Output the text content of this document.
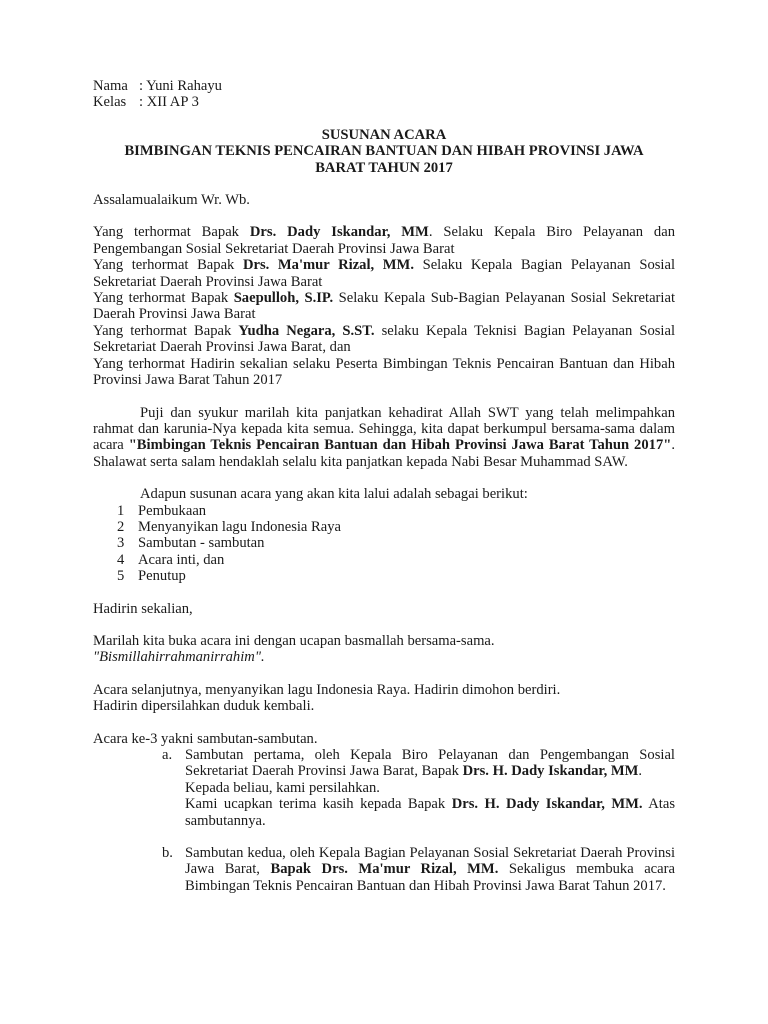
Nama : Yuni Rahayu
Kelas : XII AP 3
SUSUNAN ACARA
BIMBINGAN TEKNIS PENCAIRAN BANTUAN DAN HIBAH PROVINSI JAWA
BARAT TAHUN 2017

Assalamualaikum Wr. Wb.

Yang terhormat Bapak Drs. Dady Iskandar, MM. Selaku Kepala Biro Pelayanan dan Pengembangan Sosial Sekretariat Daerah Provinsi Jawa Barat

Yang terhormat Bapak Drs. Ma'mur Rizal, MM. Selaku Kepala Bagian Pelayanan Sosial Sekretariat Daerah Provinsi Jawa Barat

Yang terhormat Bapak Saepulloh, S.IP. Selaku Kepala Sub-Bagian Pelayanan Sosial Sekretariat Daerah Provinsi Jawa Barat

Yang terhormat Bapak Yudha Negara, S.ST. selaku Kepala Teknisi Bagian Pelayanan Sosial Sekretariat Daerah Provinsi Jawa Barat, dan

Yang terhormat Hadirin sekalian selaku Peserta Bimbingan Teknis Pencairan Bantuan dan Hibah Provinsi Jawa Barat Tahun 2017

Puji dan syukur marilah kita panjatkan kehadirat Allah SWT yang telah melimpahkan rahmat dan karunia-Nya kepada kita semua. Sehingga, kita dapat berkumpul bersama-sama dalam acara "Bimbingan Teknis Pencairan Bantuan dan Hibah Provinsi Jawa Barat Tahun 2017". Shalawat serta salam hendaklah selalu kita panjatkan kepada Nabi Besar Muhammad SAW.

Adapun susunan acara yang akan kita lalui adalah sebagai berikut:

1 Pembukaan
2 Menyanyikan lagu Indonesia Raya
3 Sambutan - sambutan
4 Acara inti, dan
5 Penutup

Hadirin sekalian,

Marilah kita buka acara ini dengan ucapan basmallah bersama-sama.

"Bismillahirrahmanirrahim".

Acara selanjutnya, menyanyikan lagu Indonesia Raya. Hadirin dimohon berdiri.

Hadirin dipersilahkan duduk kembali.

Acara ke-3 yakni sambutan-sambutan.

a. Sambutan pertama, oleh Kepala Biro Pelayanan dan Pengembangan Sosial Sekretariat Daerah Provinsi Jawa Barat, Bapak Drs. H. Dady Iskandar, MM.

Kepada beliau, kami persilahkan.

Kami ucapkan terima kasih kepada Bapak Drs. H. Dady Iskandar, MM. Atas sambutannya.

b. Sambutan kedua, oleh Kepala Bagian Pelayanan Sosial Sekretariat Daerah Provinsi Jawa Barat, Bapak Drs. Ma'mur Rizal, MM. Sekaligus membuka acara Bimbingan Teknis Pencairan Bantuan dan Hibah Provinsi Jawa Barat Tahun 2017.
